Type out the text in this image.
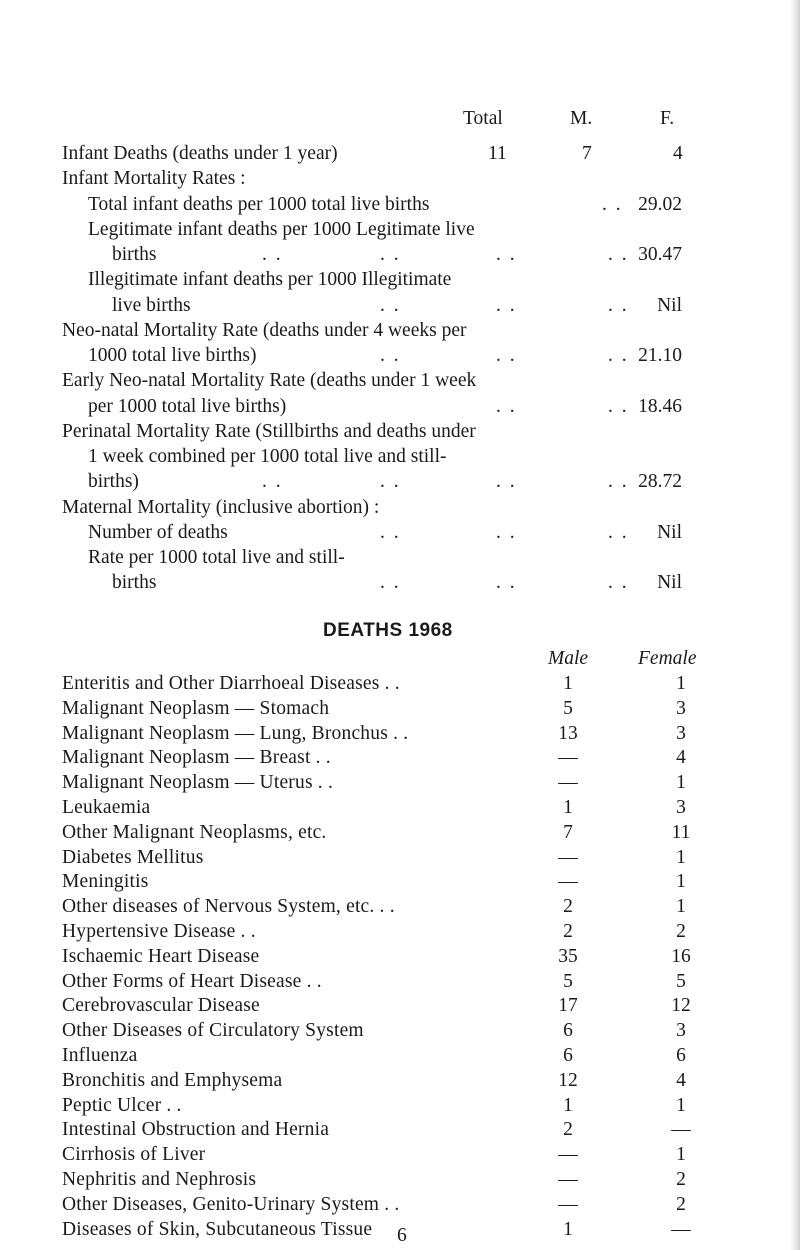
Total	M.	F.
Infant Deaths (deaths under 1 year)	11	7	4
Infant Mortality Rates :
Total infant deaths per 1000 total live births	. . 29.02
Legitimate infant deaths per 1000 Legitimate live
births	. .	. .	. .	. . 30.47
Illegitimate infant deaths per 1000 Illegitimate
live births	. .	. .	. . Nil
Neo-natal Mortality Rate (deaths under 4 weeks per
1000 total live births)	. .	. .	. . 21.10
Early Neo-natal Mortality Rate (deaths under 1 week
per 1000 total live births)	. .	. . 18.46
Perinatal Mortality Rate (Stillbirths and deaths under
1 week combined per 1000 total live and still-
births)	. .	. .	. .	. . 28.72
Maternal Mortality (inclusive abortion) :
Number of deaths	. .	. .	. . Nil
Rate per 1000 total live and still-
births	. .	. .	. . Nil
DEATHS 1968
Male	Female
Enteritis and Other Diarrhoeal Diseases . .	1	1
Malignant Neoplasm — Stomach	5	3
Malignant Neoplasm — Lung, Bronchus . .	13	3
Malignant Neoplasm — Breast . .	—	4
Malignant Neoplasm — Uterus . .	—	1
Leukaemia	1	3
Other Malignant Neoplasms, etc.	7	11
Diabetes Mellitus	—	1
Meningitis	—	1
Other diseases of Nervous System, etc. . .	2	1
Hypertensive Disease . .	2	2
Ischaemic Heart Disease	35	16
Other Forms of Heart Disease . .	5	5
Cerebrovascular Disease	17	12
Other Diseases of Circulatory System	6	3
Influenza	6	6
Bronchitis and Emphysema	12	4
Peptic Ulcer . .	1	1
Intestinal Obstruction and Hernia	2	—
Cirrhosis of Liver	—	1
Nephritis and Nephrosis	—	2
Other Diseases, Genito-Urinary System . .	—	2
Diseases of Skin, Subcutaneous Tissue	1	—
6
